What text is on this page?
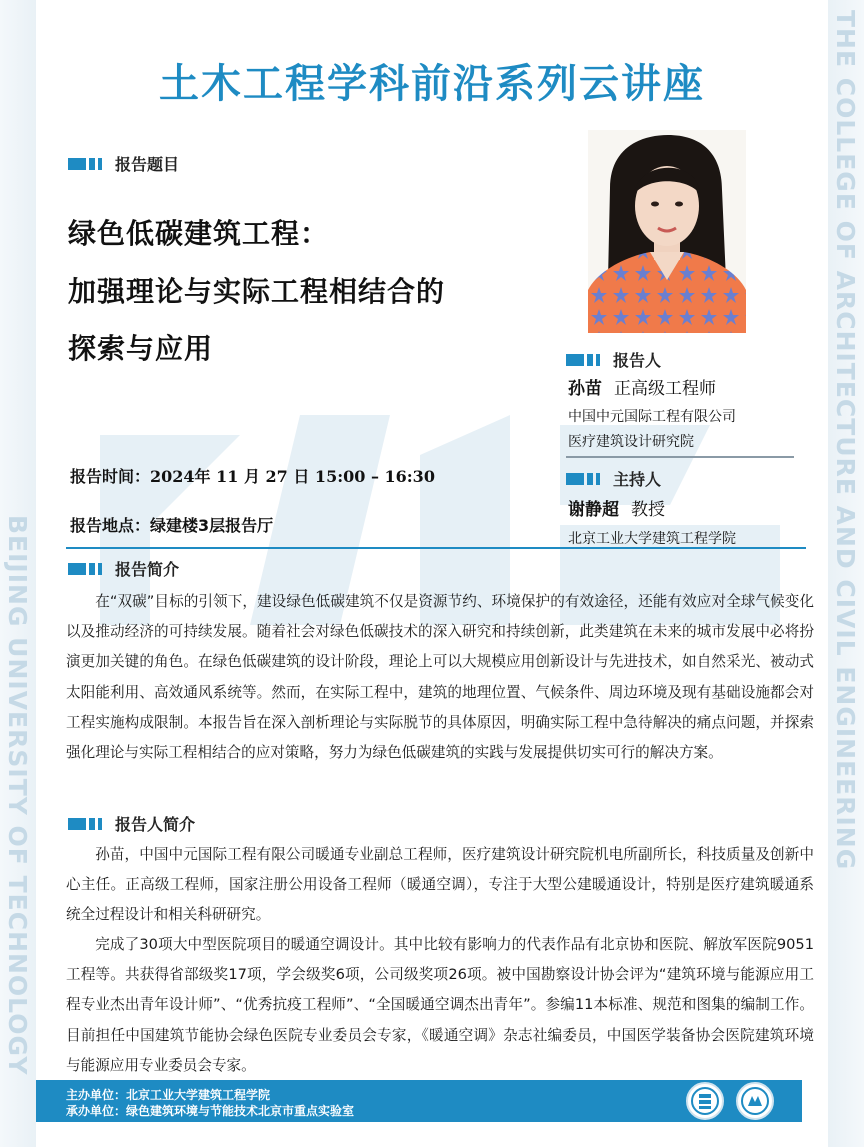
BEIJING UNIVERSITY OF TECHNOLOGY	THE COLLEGE OF ARCHITECTURE AND CIVIL ENGINEERING
土木工程学科前沿系列云讲座
报告题目
绿色低碳建筑工程：
加强理论与实际工程相结合的
探索与应用	报告人
孙苗 正高级工程师
中国中元国际工程有限公司
医疗建筑设计研究院
主持人
谢静超 教授
北京工业大学建筑工程学院
报告时间：2024年 11 月 27 日 15:00 – 16:30
报告地点：绿建楼3层报告厅
报告简介
在“双碳”目标的引领下，建设绿色低碳建筑不仅是资源节约、环境保护的有效途径，还能有效应对全球气候变化以及推动经济的可持续发展。随着社会对绿色低碳技术的深入研究和持续创新，此类建筑在未来的城市发展中必将扮演更加关键的角色。在绿色低碳建筑的设计阶段，理论上可以大规模应用创新设计与先进技术，如自然采光、被动式太阳能利用、高效通风系统等。然而，在实际工程中，建筑的地理位置、气候条件、周边环境及现有基础设施都会对工程实施构成限制。本报告旨在深入剖析理论与实际脱节的具体原因，明确实际工程中急待解决的痛点问题，并探索强化理论与实际工程相结合的应对策略，努力为绿色低碳建筑的实践与发展提供切实可行的解决方案。
报告人简介
孙苗，中国中元国际工程有限公司暖通专业副总工程师，医疗建筑设计研究院机电所副所长，科技质量及创新中心主任。正高级工程师，国家注册公用设备工程师（暖通空调），专注于大型公建暖通设计，特别是医疗建筑暖通系统全过程设计和相关科研研究。
完成了30项大中型医院项目的暖通空调设计。其中比较有影响力的代表作品有北京协和医院、解放军医院9051工程等。共获得省部级奖17项，学会级奖6项，公司级奖项26项。被中国勘察设计协会评为“建筑环境与能源应用工程专业杰出青年设计师”、“优秀抗疫工程师”、“全国暖通空调杰出青年”。参编11本标准、规范和图集的编制工作。目前担任中国建筑节能协会绿色医院专业委员会专家，《暖通空调》杂志社编委员，中国医学装备协会医院建筑环境与能源应用专业委员会专家。
主办单位：北京工业大学建筑工程学院
承办单位：绿色建筑环境与节能技术北京市重点实验室
